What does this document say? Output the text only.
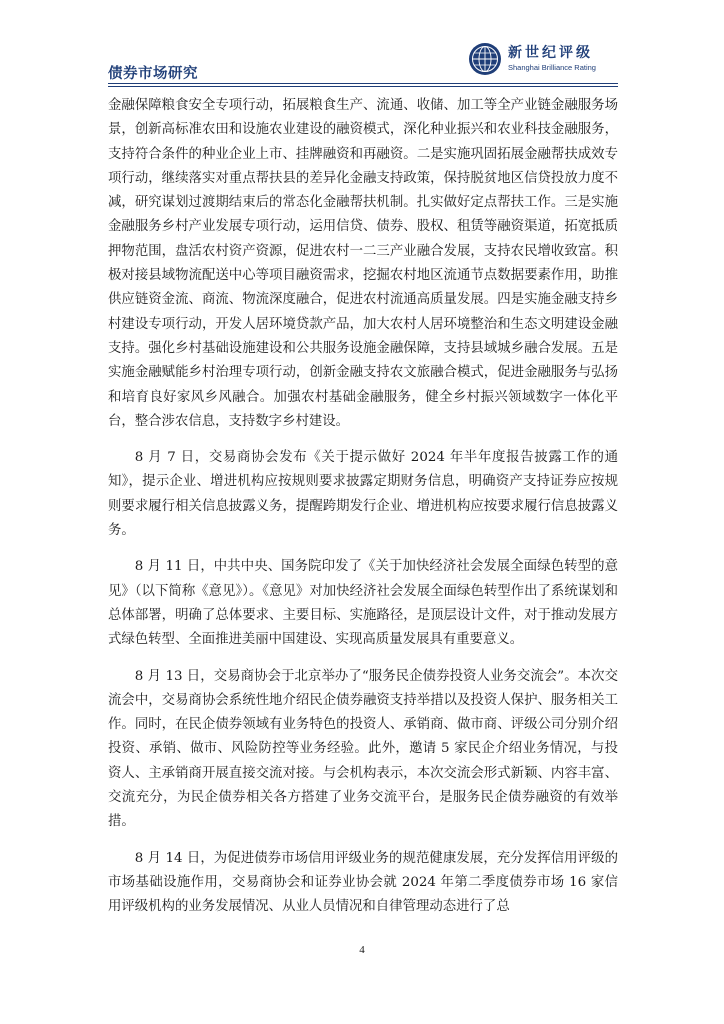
债券市场研究
新世纪评级
Shanghai Brilliance Rating

金融保障粮食安全专项行动，拓展粮食生产、流通、收储、加工等全产业链金融服务场景，创新高标准农田和设施农业建设的融资模式，深化种业振兴和农业科技金融服务，支持符合条件的种业企业上市、挂牌融资和再融资。二是实施巩固拓展金融帮扶成效专项行动，继续落实对重点帮扶县的差异化金融支持政策，保持脱贫地区信贷投放力度不减，研究谋划过渡期结束后的常态化金融帮扶机制。扎实做好定点帮扶工作。三是实施金融服务乡村产业发展专项行动，运用信贷、债券、股权、租赁等融资渠道，拓宽抵质押物范围，盘活农村资产资源，促进农村一二三产业融合发展，支持农民增收致富。积极对接县域物流配送中心等项目融资需求，挖掘农村地区流通节点数据要素作用，助推供应链资金流、商流、物流深度融合，促进农村流通高质量发展。四是实施金融支持乡村建设专项行动，开发人居环境贷款产品，加大农村人居环境整治和生态文明建设金融支持。强化乡村基础设施建设和公共服务设施金融保障，支持县域城乡融合发展。五是实施金融赋能乡村治理专项行动，创新金融支持农文旅融合模式，促进金融服务与弘扬和培育良好家风乡风融合。加强农村基础金融服务，健全乡村振兴领域数字一体化平台，整合涉农信息，支持数字乡村建设。

8 月 7 日，交易商协会发布《关于提示做好 2024 年半年度报告披露工作的通知》，提示企业、增进机构应按规则要求披露定期财务信息，明确资产支持证券应按规则要求履行相关信息披露义务，提醒跨期发行企业、增进机构应按要求履行信息披露义务。

8 月 11 日，中共中央、国务院印发了《关于加快经济社会发展全面绿色转型的意见》（以下简称《意见》）。《意见》对加快经济社会发展全面绿色转型作出了系统谋划和总体部署，明确了总体要求、主要目标、实施路径，是顶层设计文件，对于推动发展方式绿色转型、全面推进美丽中国建设、实现高质量发展具有重要意义。

8 月 13 日，交易商协会于北京举办了“服务民企债券投资人业务交流会”。本次交流会中，交易商协会系统性地介绍民企债券融资支持举措以及投资人保护、服务相关工作。同时，在民企债券领域有业务特色的投资人、承销商、做市商、评级公司分别介绍投资、承销、做市、风险防控等业务经验。此外，邀请 5 家民企介绍业务情况，与投资人、主承销商开展直接交流对接。与会机构表示，本次交流会形式新颖、内容丰富、交流充分，为民企债券相关各方搭建了业务交流平台，是服务民企债券融资的有效举措。

8 月 14 日，为促进债券市场信用评级业务的规范健康发展，充分发挥信用评级的市场基础设施作用，交易商协会和证券业协会就 2024 年第二季度债券市场 16 家信用评级机构的业务发展情况、从业人员情况和自律管理动态进行了总

4
